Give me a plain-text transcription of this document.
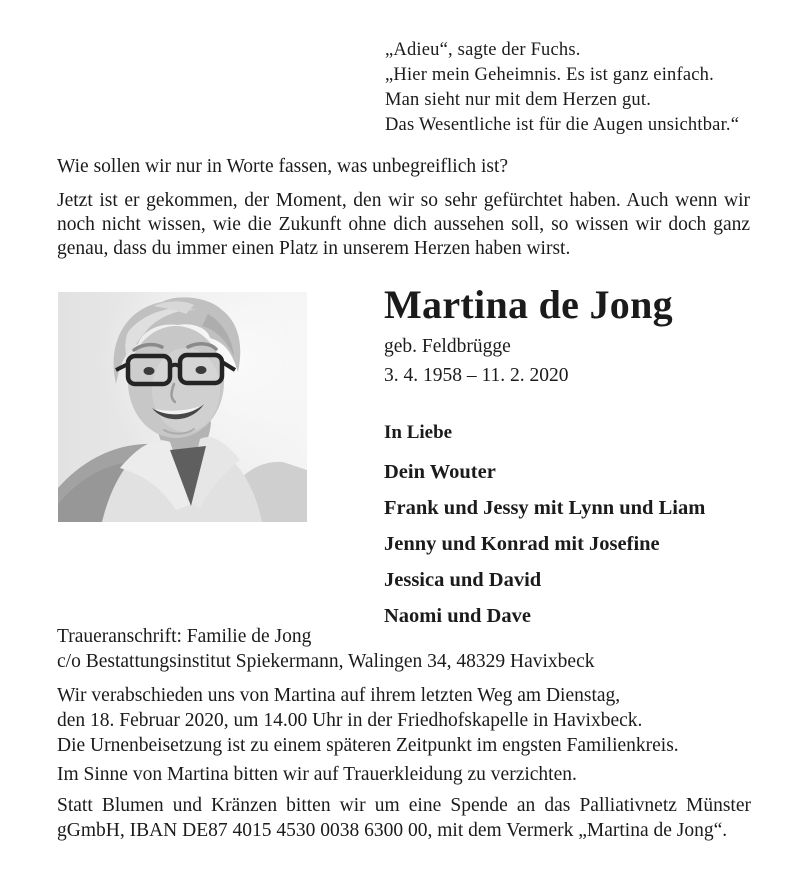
„Adieu“, sagte der Fuchs.
„Hier mein Geheimnis. Es ist ganz einfach.
Man sieht nur mit dem Herzen gut.
Das Wesentliche ist für die Augen unsichtbar.“
Wie sollen wir nur in Worte fassen, was unbegreiflich ist?
Jetzt ist er gekommen, der Moment, den wir so sehr gefürchtet haben. Auch wenn wir noch nicht wissen, wie die Zukunft ohne dich aussehen soll, so wissen wir doch ganz genau, dass du immer einen Platz in unserem Herzen haben wirst.
Martina de Jong
geb. Feldbrügge
3. 4. 1958 – 11. 2. 2020
In Liebe
Dein Wouter
Frank und Jessy mit Lynn und Liam
Jenny und Konrad mit Josefine
Jessica und David
Naomi und Dave
Traueranschrift: Familie de Jong
c/o Bestattungsinstitut Spiekermann, Walingen 34, 48329 Havixbeck
Wir verabschieden uns von Martina auf ihrem letzten Weg am Dienstag,
den 18. Februar 2020, um 14.00 Uhr in der Friedhofskapelle in Havixbeck.
Die Urnenbeisetzung ist zu einem späteren Zeitpunkt im engsten Familienkreis.
Im Sinne von Martina bitten wir auf Trauerkleidung zu verzichten.
Statt Blumen und Kränzen bitten wir um eine Spende an das Palliativnetz Münster gGmbH, IBAN DE87 4015 4530 0038 6300 00, mit dem Vermerk „Martina de Jong“.
